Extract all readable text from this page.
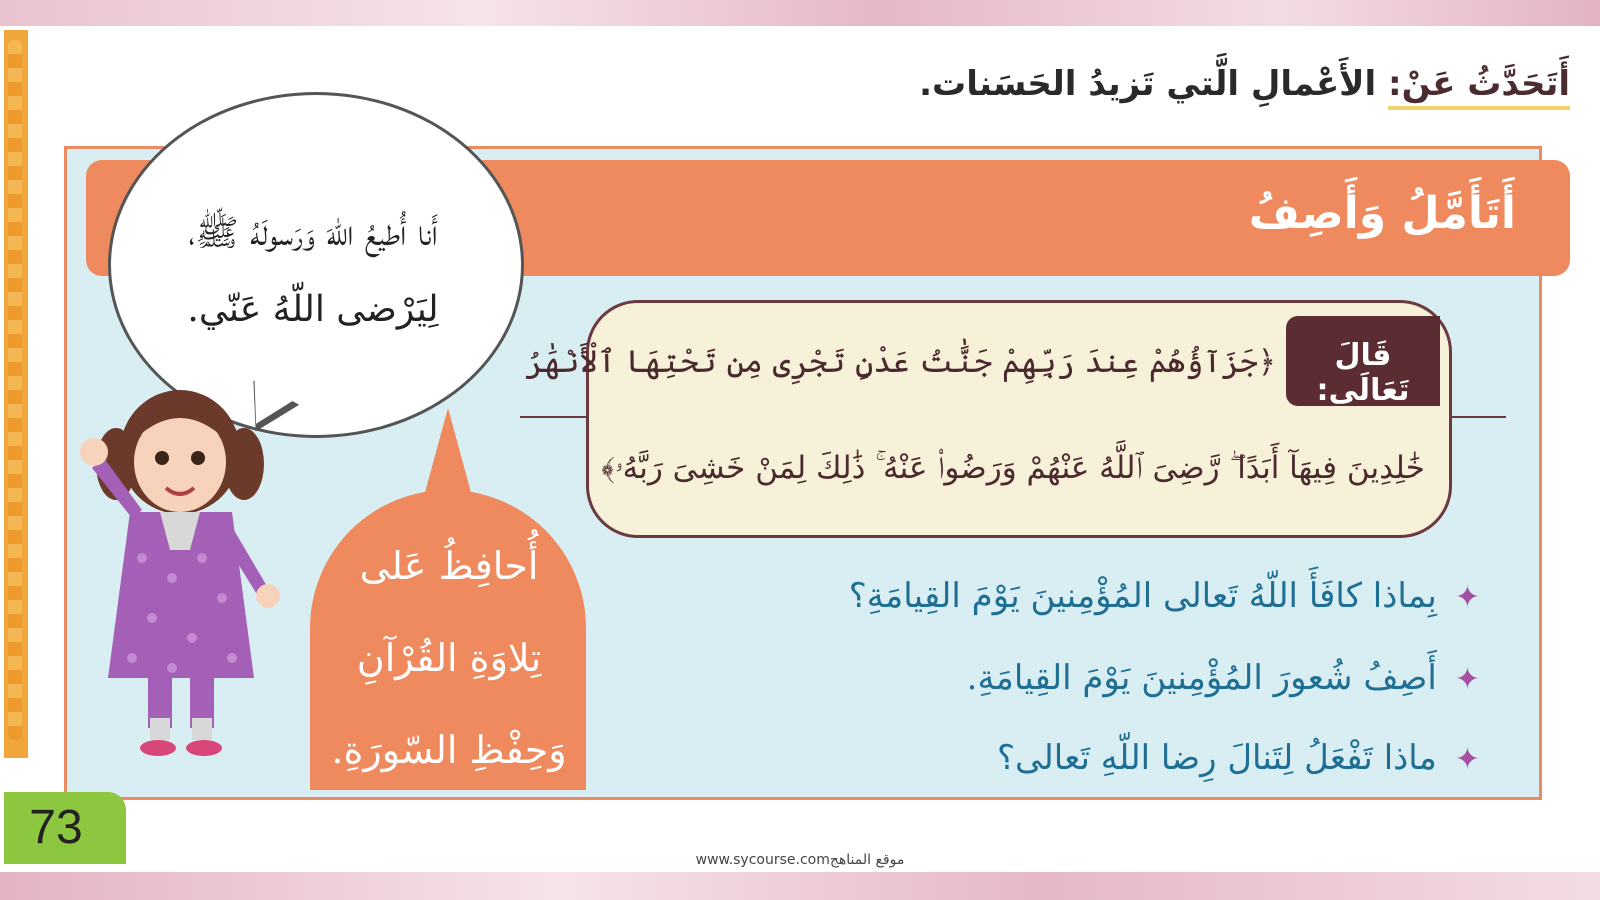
أَتَحَدَّثُ عَنْ: الأَعْمالِ الَّتي تَزيدُ الحَسَنات.
أَتَأَمَّلُ وَأَصِفُ
أَنا أُطيعُ اللّهَ وَرَسولَهُ ﷺ،
لِيَرْضى اللّهُ عَنّي.
أُحافِظُ عَلى
تِلاوَةِ القُرْآنِ
وَحِفْظِ السّورَةِ.
قَالَ تَعَالَى:
﴿جَزَآؤُهُمْ عِندَ رَبِّهِمْ جَنَّٰتُ عَدْنٍ تَجْرِى مِن تَحْتِهَا ٱلْأَنْهَٰرُ
خَٰلِدِينَ فِيهَآ أَبَدًا ۖ رَّضِىَ ٱللَّهُ عَنْهُمْ وَرَضُوا۟ عَنْهُ ۚ ذَٰلِكَ لِمَنْ خَشِىَ رَبَّهُۥ﴾
✦بِماذا كافَأَ اللّهُ تَعالى المُؤْمِنينَ يَوْمَ القِيامَةِ؟
✦أَصِفُ شُعورَ المُؤْمِنينَ يَوْمَ القِيامَةِ.
✦ماذا تَفْعَلُ لِتَنالَ رِضا اللّهِ تَعالى؟
73
www.sycourse.comموقع المناهج
